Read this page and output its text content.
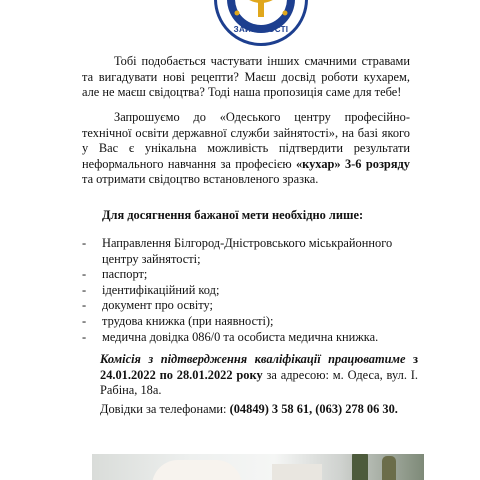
ЗАЙНЯТОСТІ

Тобі подобається частувати інших смачними стравами та вигадувати нові рецепти? Маєш досвід роботи кухарем, але не маєш свідоцтва? Тоді наша пропозиція саме для тебе!

Запрошуємо до «Одеського центру професійно-технічної освіти державної служби зайнятості», на базі якого у Вас є унікальна можливість підтвердити результати неформального навчання за професією «кухар» 3-6 розряду та отримати свідоцтво встановленого зразка.

Для досягнення бажаної мети необхідно лише:

- Направлення Білгород-Дністровського міськрайонного центру зайнятості;
- паспорт;
- ідентифікаційний код;
- документ про освіту;
- трудова книжка (при наявності);
- медична довідка 086/0 та особиста медична книжка.

Комісія з підтвердження кваліфікації працюватиме з 24.01.2022 по 28.01.2022 року за адресою: м. Одеса, вул. І. Рабіна, 18а.

Довідки за телефонами: (04849) 3 58 61, (063) 278 06 30.
